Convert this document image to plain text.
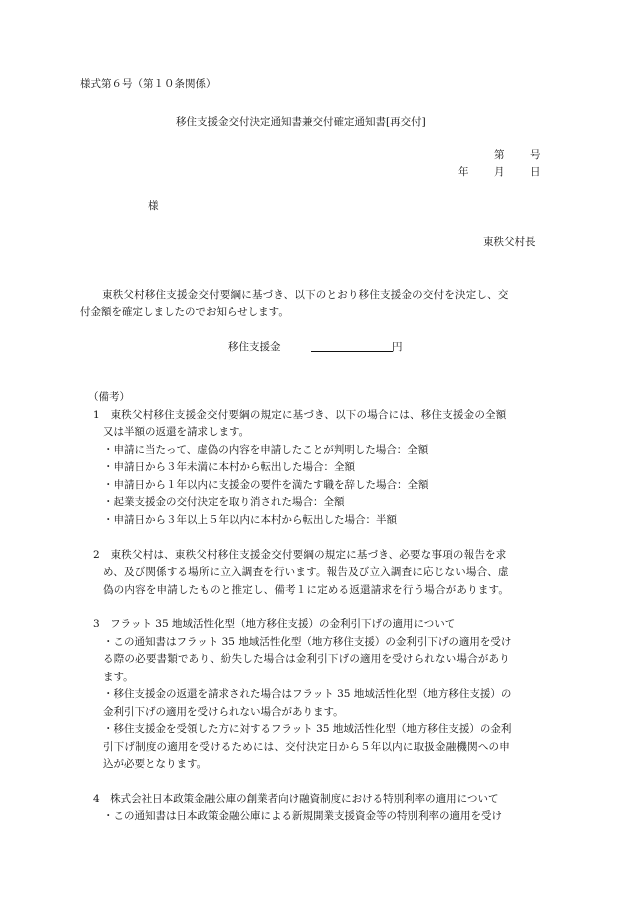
様式第６号（第１０条関係）
移住支援金交付決定通知書兼交付確定通知書[再交付]
第 号
年 月 日
様
東秩父村長
東秩父村移住支援金交付要綱に基づき、以下のとおり移住支援金の交付を決定し、交
付金額を確定しましたのでお知らせします。
移住支援金	円
（備考）
1　東秩父村移住支援金交付要綱の規定に基づき、以下の場合には、移住支援金の全額
又は半額の返還を請求します。
・申請に当たって、虚偽の内容を申請したことが判明した場合：全額
・申請日から３年未満に本村から転出した場合：全額
・申請日から１年以内に支援金の要件を満たす職を辞した場合：全額
・起業支援金の交付決定を取り消された場合：全額
・申請日から３年以上５年以内に本村から転出した場合：半額
2　東秩父村は、東秩父村移住支援金交付要綱の規定に基づき、必要な事項の報告を求
め、及び関係する場所に立入調査を行います。報告及び立入調査に応じない場合、虚
偽の内容を申請したものと推定し、備考１に定める返還請求を行う場合があります。
3　フラット 35 地域活性化型（地方移住支援）の金利引下げの適用について
・この通知書はフラット 35 地域活性化型（地方移住支援）の金利引下げの適用を受け
る際の必要書類であり、紛失した場合は金利引下げの適用を受けられない場合があり
ます。
・移住支援金の返還を請求された場合はフラット 35 地域活性化型（地方移住支援）の
金利引下げの適用を受けられない場合があります。
・移住支援金を受領した方に対するフラット 35 地域活性化型（地方移住支援）の金利
引下げ制度の適用を受けるためには、交付決定日から５年以内に取扱金融機関への申
込が必要となります。
4　株式会社日本政策金融公庫の創業者向け融資制度における特別利率の適用について
・この通知書は日本政策金融公庫による新規開業支援資金等の特別利率の適用を受け
